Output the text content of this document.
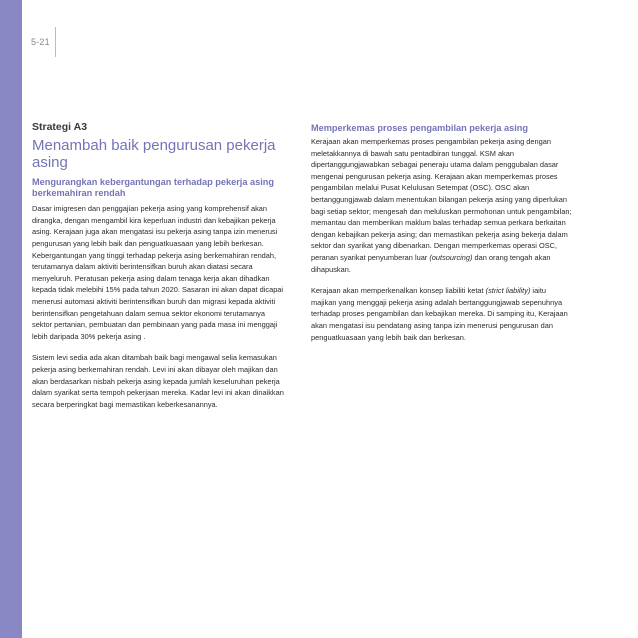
5-21
Strategi A3
Menambah baik pengurusan pekerja asing
Mengurangkan kebergantungan terhadap pekerja asing berkemahiran rendah

Dasar imigresen dan penggajian pekerja asing yang komprehensif akan dirangka, dengan mengambil kira keperluan industri dan kebajikan pekerja asing. Kerajaan juga akan mengatasi isu pekerja asing tanpa izin menerusi pengurusan yang lebih baik dan penguatkuasaan yang lebih berkesan. Kebergantungan yang tinggi terhadap pekerja asing berkemahiran rendah, terutamanya dalam aktiviti berintensifkan buruh akan diatasi secara menyeluruh. Peratusan pekerja asing dalam tenaga kerja akan dihadkan kepada tidak melebihi 15% pada tahun 2020. Sasaran ini akan dapat dicapai menerusi automasi aktiviti berintensifkan buruh dan migrasi kepada aktiviti berintensifkan pengetahuan dalam semua sektor ekonomi terutamanya sektor pertanian, pembuatan dan pembinaan yang pada masa ini menggaji lebih daripada 30% pekerja asing .

Sistem levi sedia ada akan ditambah baik bagi mengawal selia kemasukan pekerja asing berkemahiran rendah. Levi ini akan dibayar oleh majikan dan akan berdasarkan nisbah pekerja asing kepada jumlah keseluruhan pekerja dalam syarikat serta tempoh pekerjaan mereka. Kadar levi ini akan dinaikkan secara berperingkat bagi memastikan keberkesanannya.

Memperkemas proses pengambilan pekerja asing

Kerajaan akan memperkemas proses pengambilan pekerja asing dengan meletakkannya di bawah satu pentadbiran tunggal. KSM akan dipertanggungjawabkan sebagai peneraju utama dalam penggubalan dasar mengenai pengurusan pekerja asing. Kerajaan akan memperkemas proses pengambilan melalui Pusat Kelulusan Setempat (OSC). OSC akan bertanggungjawab dalam menentukan bilangan pekerja asing yang diperlukan bagi setiap sektor; mengesah dan meluluskan permohonan untuk pengambilan; memantau dan memberikan maklum balas terhadap semua perkara berkaitan dengan kebajikan pekerja asing; dan memastikan pekerja asing bekerja dalam sektor dan syarikat yang dibenarkan. Dengan memperkemas operasi OSC, peranan syarikat penyumberan luar (outsourcing) dan orang tengah akan dihapuskan.

Kerajaan akan memperkenalkan konsep liabiliti ketat (strict liability) iaitu majikan yang menggaji pekerja asing adalah bertanggungjawab sepenuhnya terhadap proses pengambilan dan kebajikan mereka. Di samping itu, Kerajaan akan mengatasi isu pendatang asing tanpa izin menerusi pengurusan dan penguatkuasaan yang lebih baik dan berkesan.
